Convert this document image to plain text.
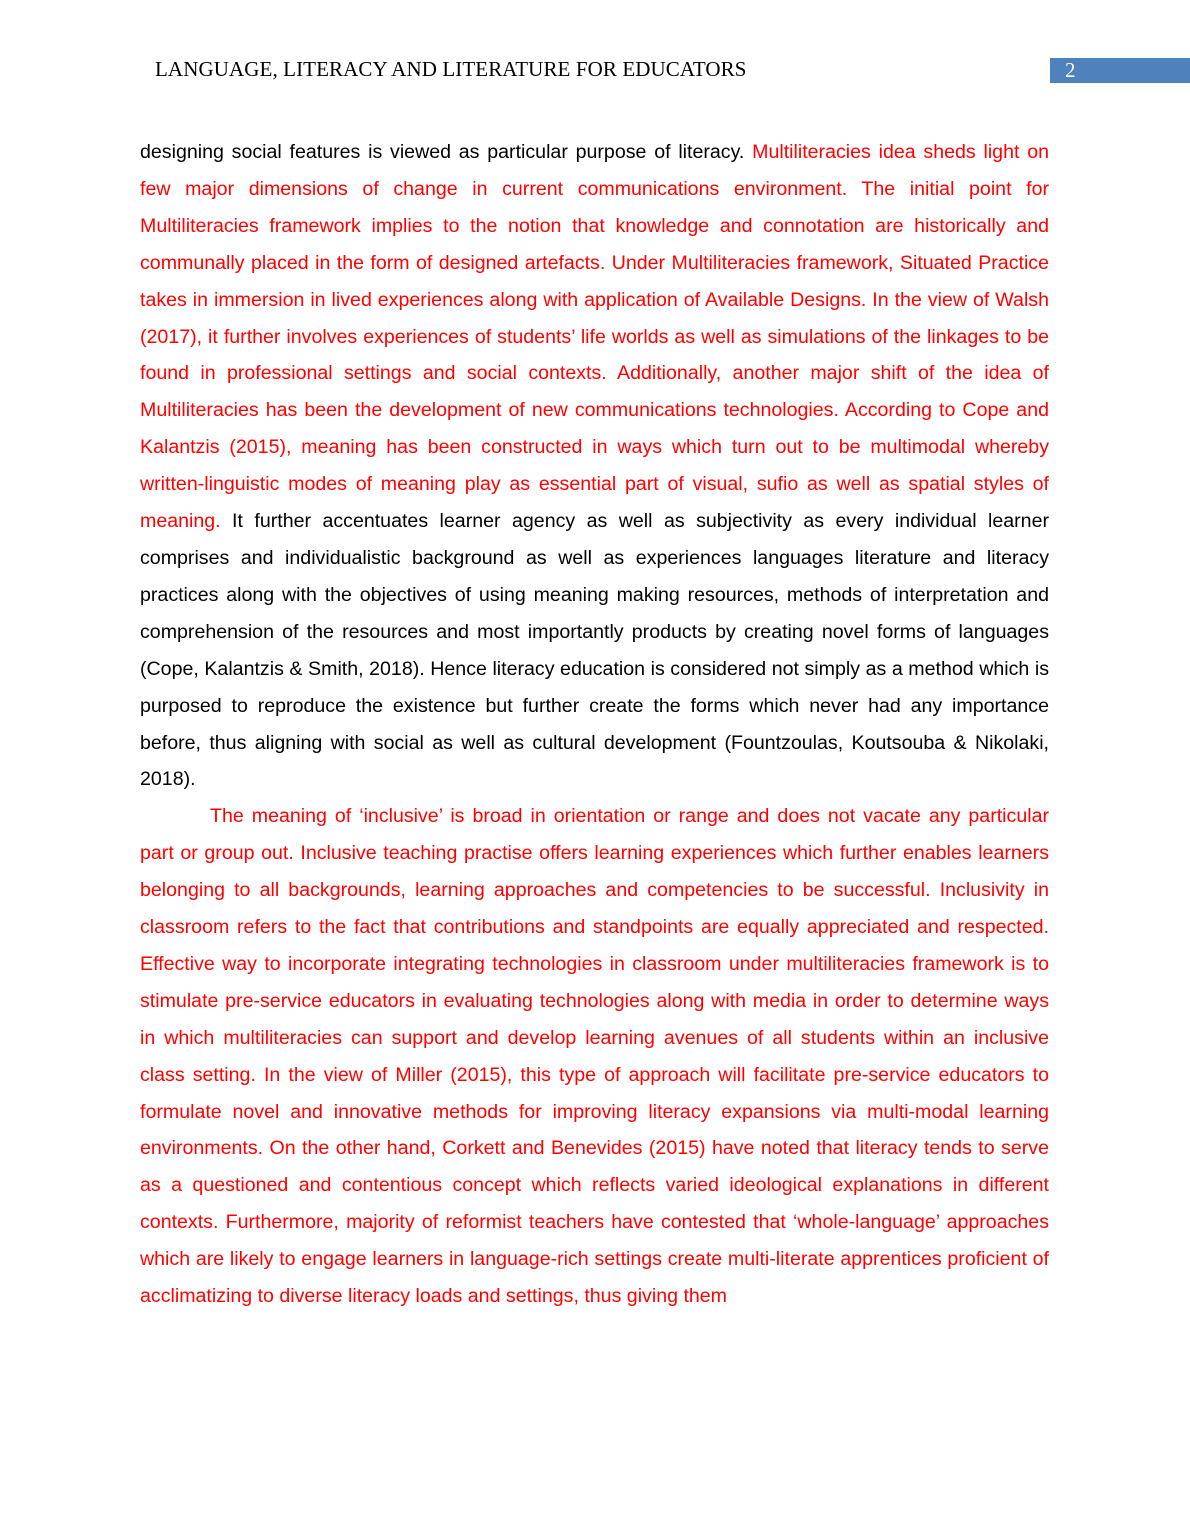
LANGUAGE, LITERACY AND LITERATURE FOR EDUCATORS	2

designing social features is viewed as particular purpose of literacy. Multiliteracies idea sheds light on few major dimensions of change in current communications environment. The initial point for Multiliteracies framework implies to the notion that knowledge and connotation are historically and communally placed in the form of designed artefacts. Under Multiliteracies framework, Situated Practice takes in immersion in lived experiences along with application of Available Designs. In the view of Walsh (2017), it further involves experiences of students’ life worlds as well as simulations of the linkages to be found in professional settings and social contexts. Additionally, another major shift of the idea of Multiliteracies has been the development of new communications technologies. According to Cope and Kalantzis (2015), meaning has been constructed in ways which turn out to be multimodal whereby written-linguistic modes of meaning play as essential part of visual, sufio as well as spatial styles of meaning. It further accentuates learner agency as well as subjectivity as every individual learner comprises and individualistic background as well as experiences languages literature and literacy practices along with the objectives of using meaning making resources, methods of interpretation and comprehension of the resources and most importantly products by creating novel forms of languages (Cope, Kalantzis & Smith, 2018). Hence literacy education is considered not simply as a method which is purposed to reproduce the existence but further create the forms which never had any importance before, thus aligning with social as well as cultural development (Fountzoulas, Koutsouba & Nikolaki, 2018).

The meaning of ‘inclusive’ is broad in orientation or range and does not vacate any particular part or group out. Inclusive teaching practise offers learning experiences which further enables learners belonging to all backgrounds, learning approaches and competencies to be successful. Inclusivity in classroom refers to the fact that contributions and standpoints are equally appreciated and respected. Effective way to incorporate integrating technologies in classroom under multiliteracies framework is to stimulate pre-service educators in evaluating technologies along with media in order to determine ways in which multiliteracies can support and develop learning avenues of all students within an inclusive class setting. In the view of Miller (2015), this type of approach will facilitate pre-service educators to formulate novel and innovative methods for improving literacy expansions via multi-modal learning environments. On the other hand, Corkett and Benevides (2015) have noted that literacy tends to serve as a questioned and contentious concept which reflects varied ideological explanations in different contexts. Furthermore, majority of reformist teachers have contested that ‘whole-language’ approaches which are likely to engage learners in language-rich settings create multi-literate apprentices proficient of acclimatizing to diverse literacy loads and settings, thus giving them
